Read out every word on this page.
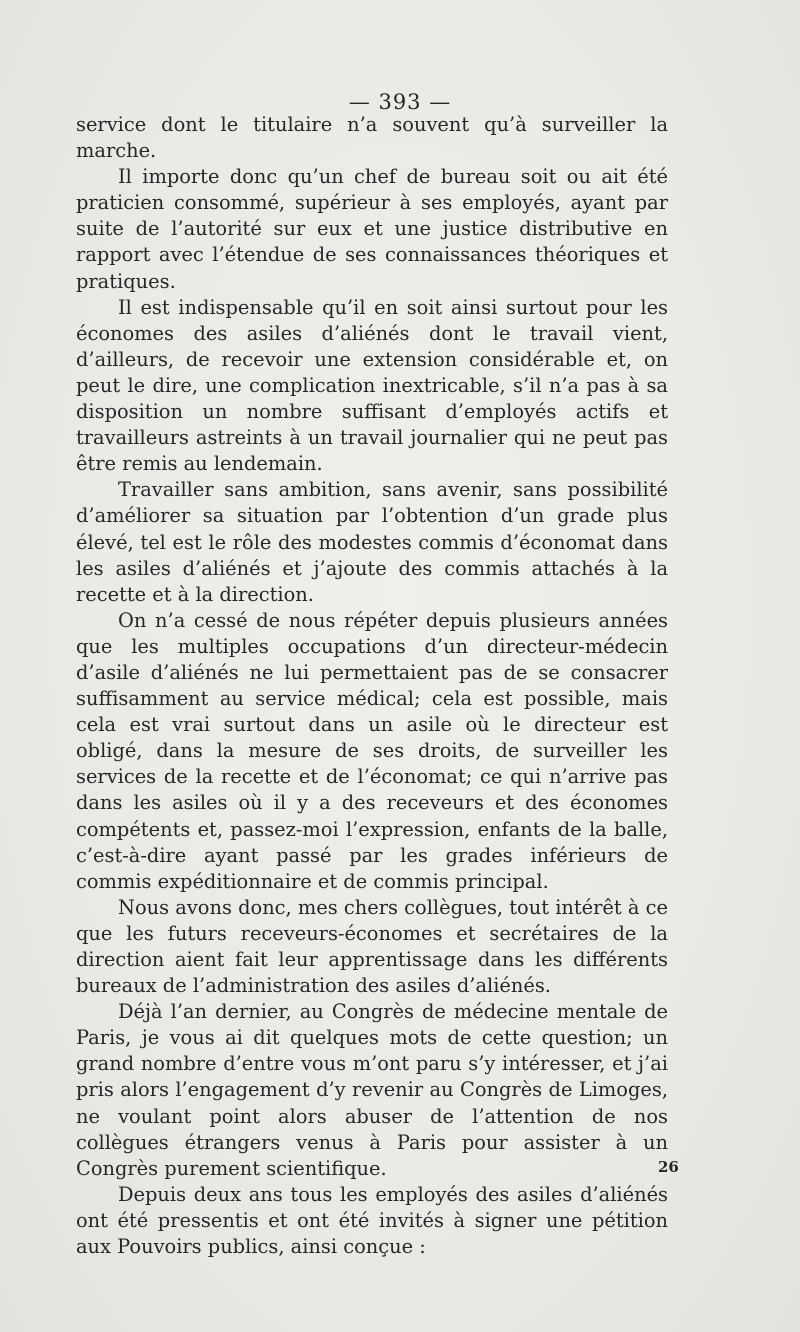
— 393 —

service dont le titulaire n’a souvent qu’à surveiller la marche.

Il importe donc qu’un chef de bureau soit ou ait été praticien consommé, supérieur à ses employés, ayant par suite de l’autorité sur eux et une justice distributive en rapport avec l’étendue de ses connaissances théoriques et pratiques.

Il est indispensable qu’il en soit ainsi surtout pour les économes des asiles d’aliénés dont le travail vient, d’ailleurs, de recevoir une extension considérable et, on peut le dire, une complication inextricable, s’il n’a pas à sa disposition un nombre suffisant d’employés actifs et travailleurs astreints à un travail journalier qui ne peut pas être remis au lendemain.

Travailler sans ambition, sans avenir, sans possibilité d’améliorer sa situation par l’obtention d’un grade plus élevé, tel est le rôle des modestes commis d’économat dans les asiles d’aliénés et j’ajoute des commis attachés à la recette et à la direction.

On n’a cessé de nous répéter depuis plusieurs années que les multiples occupations d’un directeur-médecin d’asile d’aliénés ne lui permettaient pas de se consacrer suffisamment au service médical; cela est possible, mais cela est vrai surtout dans un asile où le directeur est obligé, dans la mesure de ses droits, de surveiller les services de la recette et de l’économat; ce qui n’arrive pas dans les asiles où il y a des receveurs et des économes compétents et, passez-moi l’expression, enfants de la balle, c’est-à-dire ayant passé par les grades inférieurs de commis expéditionnaire et de commis principal.

Nous avons donc, mes chers collègues, tout intérêt à ce que les futurs receveurs-économes et secrétaires de la direction aient fait leur apprentissage dans les différents bureaux de l’administration des asiles d’aliénés.

Déjà l’an dernier, au Congrès de médecine mentale de Paris, je vous ai dit quelques mots de cette question; un grand nombre d’entre vous m’ont paru s’y intéresser, et j’ai pris alors l’engagement d’y revenir au Congrès de Limoges, ne voulant point alors abuser de l’attention de nos collègues étrangers venus à Paris pour assister à un Congrès purement scientifique.

Depuis deux ans tous les employés des asiles d’aliénés ont été pressentis et ont été invités à signer une pétition aux Pouvoirs publics, ainsi conçue :

26
